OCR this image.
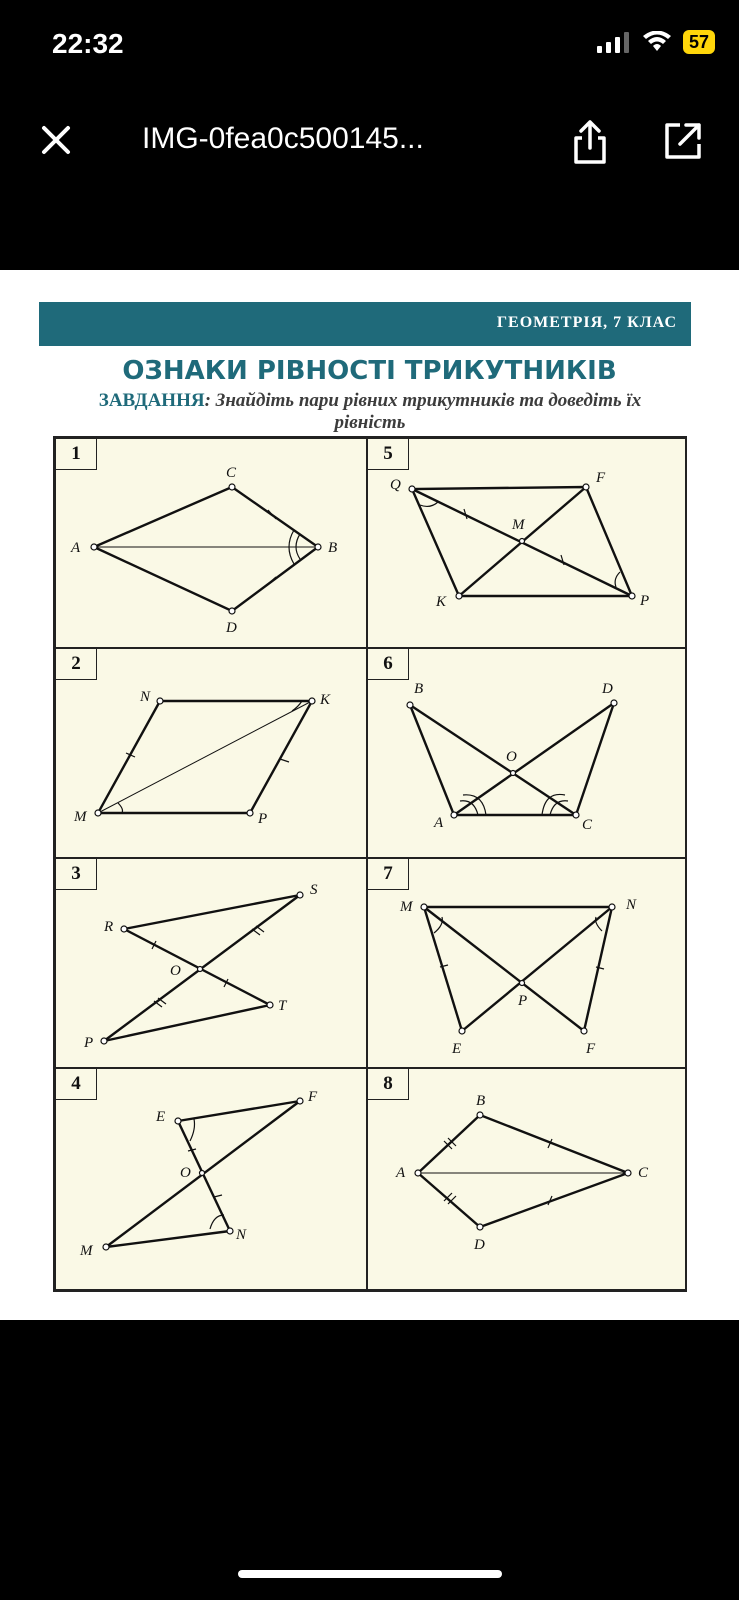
22:32	57
IMG-0fea0c500145...
ГЕОМЕТРІЯ, 7 КЛАС
ОЗНАКИ РІВНОСТІ ТРИКУТНИКІВ
ЗАВДАННЯ: Знайдіть пари рівних трикутників та доведіть їх рівність
C
A	B
D
1
Q	F
M
K	P
5
N	K
M	P
2
B	D
O
A	C
6
S
R
O
T
P
3
M	N
P
E	F
7
F
E
O
N
M
4
B
A	C
D
8
